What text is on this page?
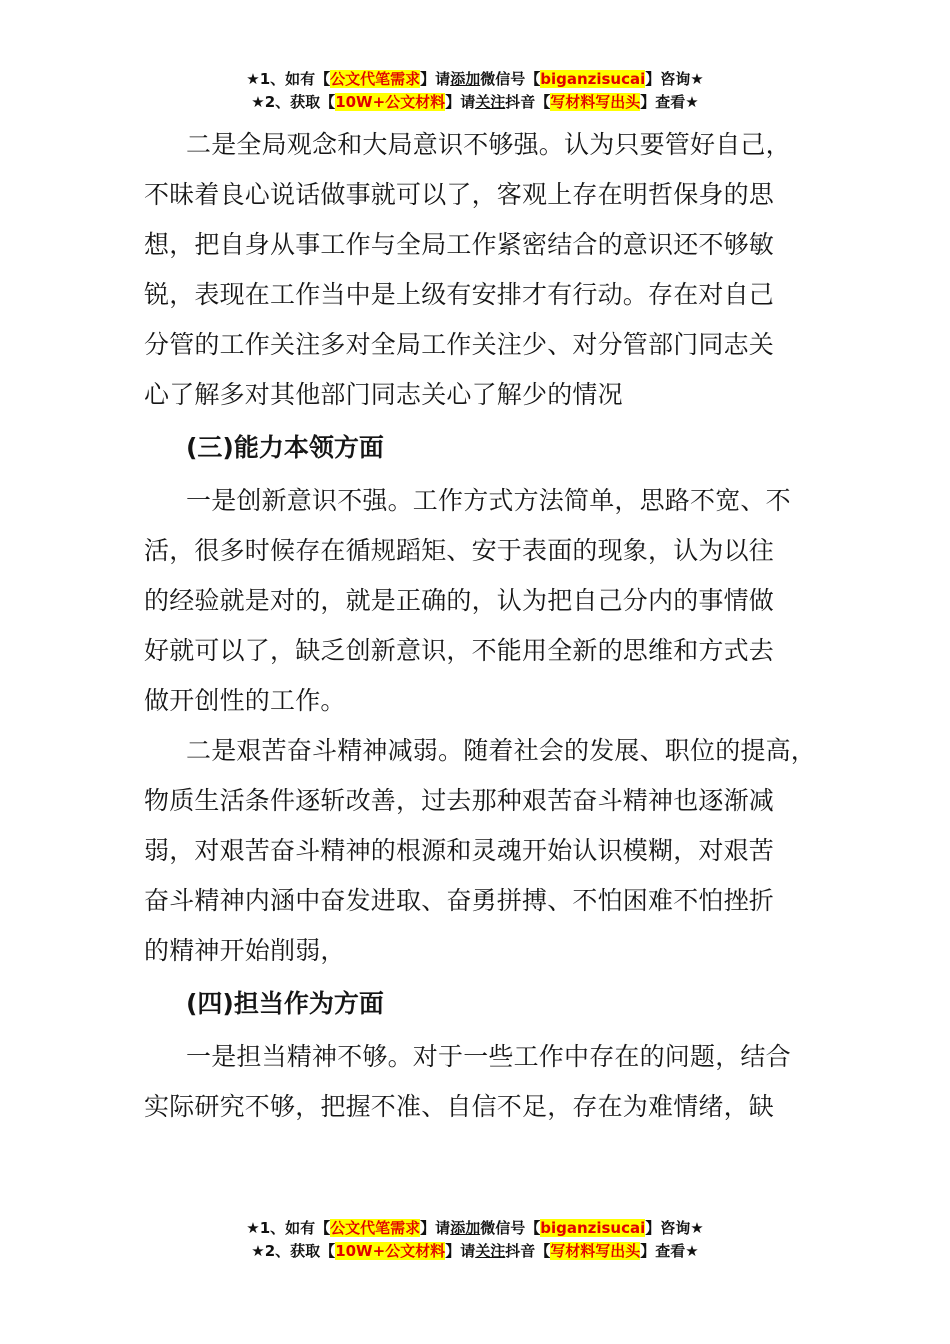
★1、如有【公文代笔需求】请添加微信号【biganzisucai】咨询★
★2、获取【10W+公文材料】请关注抖音【写材料写出头】查看★

二是全局观念和大局意识不够强。认为只要管好自己，
不昧着良心说话做事就可以了，客观上存在明哲保身的思
想，把自身从事工作与全局工作紧密结合的意识还不够敏
锐，表现在工作当中是上级有安排才有行动。存在对自己
分管的工作关注多对全局工作关注少、对分管部门同志关
心了解多对其他部门同志关心了解少的情况

(三)能力本领方面

一是创新意识不强。工作方式方法简单，思路不宽、不
活，很多时候存在循规蹈矩、安于表面的现象，认为以往
的经验就是对的，就是正确的，认为把自己分内的事情做
好就可以了，缺乏创新意识，不能用全新的思维和方式去
做开创性的工作。

二是艰苦奋斗精神减弱。随着社会的发展、职位的提高，
物质生活条件逐斩改善，过去那种艰苦奋斗精神也逐渐减
弱，对艰苦奋斗精神的根源和灵魂开始认识模糊，对艰苦
奋斗精神内涵中奋发进取、奋勇拼搏、不怕困难不怕挫折
的精神开始削弱，

(四)担当作为方面

一是担当精神不够。对于一些工作中存在的问题，结合
实际研究不够，把握不准、自信不足，存在为难情绪，缺

★1、如有【公文代笔需求】请添加微信号【biganzisucai】咨询★
★2、获取【10W+公文材料】请关注抖音【写材料写出头】查看★
